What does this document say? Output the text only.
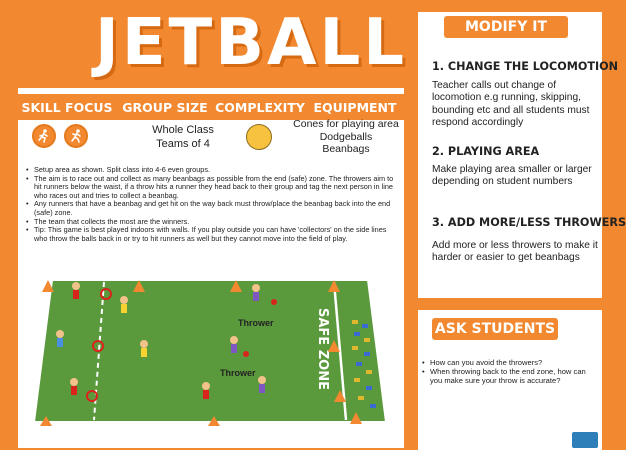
JETBALL
SKILL FOCUS GROUP SIZE COMPLEXITY EQUIPMENT
Whole Class
Teams of 4
Cones for playing area
Dodgeballs
Beanbags
• Setup area as shown. Split class into 4-6 even groups.
• The aim is to race out and collect as many beanbags as possible from the end (safe) zone. The throwers aim to hit runners below the waist, if a throw hits a runner they head back to their group and tag the next person in line who races out and tries to collect a beanbag.
• Any runners that have a beanbag and get hit on the way back must throw/place the beanbag back into the end (safe) zone.
• The team that collects the most are the winners.
• Tip: This game is best played indoors with walls. If you play outside you can have 'collectors' on the side lines who throw the balls back in or try to hit runners as well but they cannot move into the field of play.
SAFE ZONE
Thrower
Thrower
MODIFY IT
1. CHANGE THE LOCOMOTION
Teacher calls out change of locomotion e.g running, skipping, bounding etc and all students must respond accordingly
2. PLAYING AREA
Make playing area smaller or larger depending on student numbers
3. ADD MORE/LESS THROWERS
Add more or less throwers to make it harder or easier to get beanbags
ASK STUDENTS
• How can you avoid the throwers?
• When throwing back to the end zone, how can you make sure your throw is accurate?
